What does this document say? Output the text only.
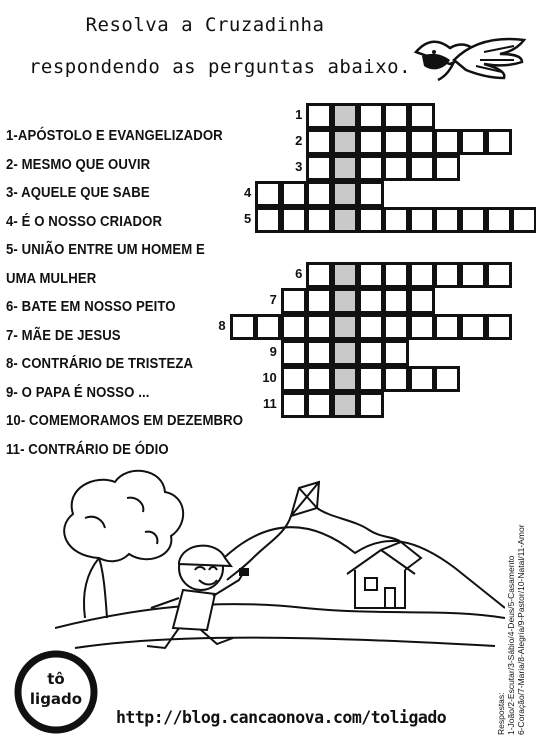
Resolva a Cruzadinha
respondendo as perguntas abaixo.
1-APÓSTOLO E EVANGELIZADOR
2- MESMO QUE OUVIR
3- AQUELE QUE SABE
4- É O NOSSO CRIADOR
5- UNIÃO ENTRE UM HOMEM E
UMA MULHER
6- BATE EM NOSSO PEITO
7- MÃE DE JESUS
8- CONTRÁRIO DE TRISTEZA
9- O PAPA É NOSSO ...
10- COMEMORAMOS EM DEZEMBRO
11- CONTRÁRIO DE ÓDIO
1
2
3
4
5
6
7
8
9
10
11
tô
ligado	Respostas: 1-João/2-Escutar/3-Sábio/4-Deus/5-Casamento 6-Coração/7-Maria/8-Alegria/9-Pastor/10-Natal/11-Amor
http://blog.cancaonova.com/toligado
